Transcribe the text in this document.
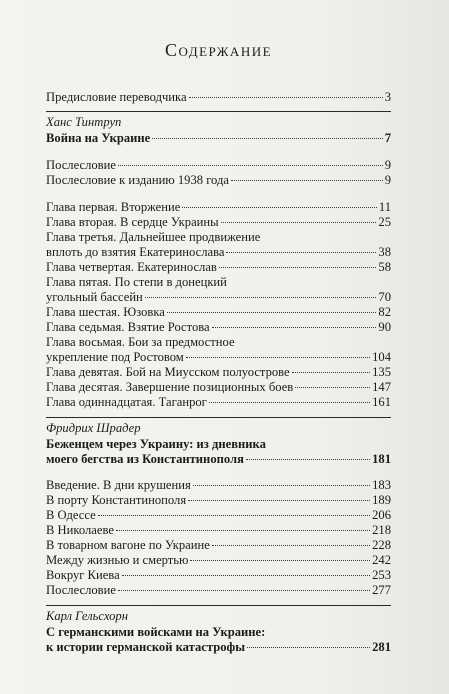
Содержание
Предисловие переводчика	3
Ханс Тинтруп
Война на Украине	7
Послесловие	9
Послесловие к изданию 1938 года	9
Глава первая. Вторжение	11
Глава вторая. В сердце Украины	25
Глава третья. Дальнейшее продвижение
вплоть до взятия Екатеринослава	38
Глава четвертая. Екатеринослав	58
Глава пятая. По степи в донецкий
угольный бассейн	70
Глава шестая. Юзовка	82
Глава седьмая. Взятие Ростова	90
Глава восьмая. Бои за предмостное
укрепление под Ростовом	104
Глава девятая. Бой на Миусском полуострове	135
Глава десятая. Завершение позиционных боев	147
Глава одиннадцатая. Таганрог	161
Фридрих Шрадер
Беженцем через Украину: из дневника
моего бегства из Константинополя	181
Введение. В дни крушения	183
В порту Константинополя	189
В Одессе	206
В Николаеве	218
В товарном вагоне по Украине	228
Между жизнью и смертью	242
Вокруг Киева	253
Послесловие	277
Карл Гельсхорн
С германскими войсками на Украине:
к истории германской катастрофы	281
